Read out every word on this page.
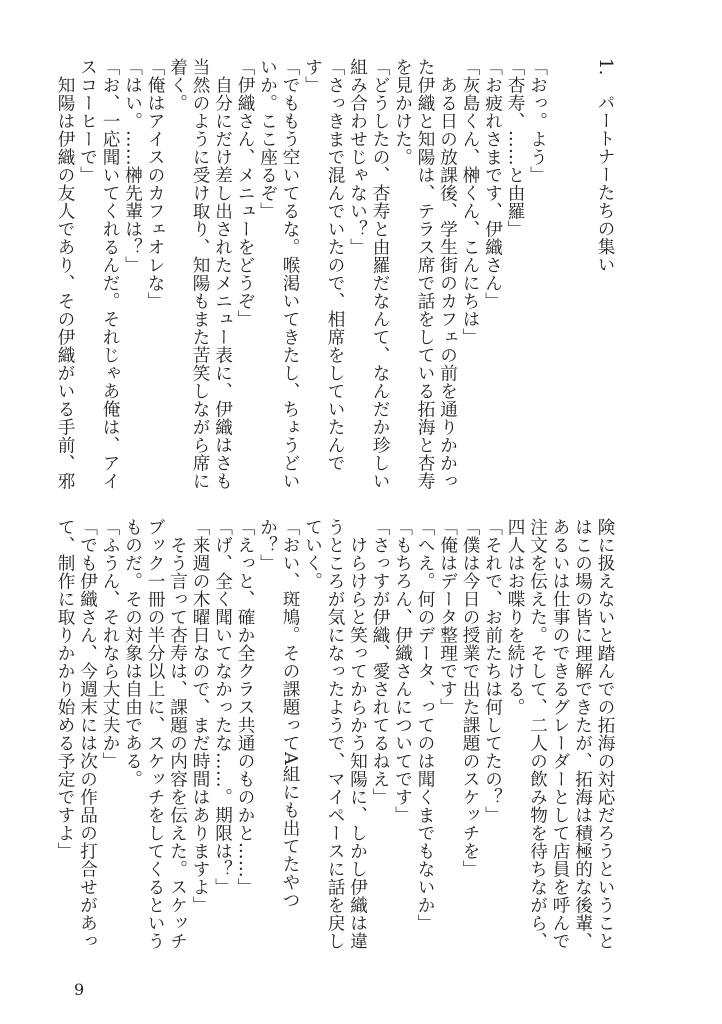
1.　パートナーたちの集い
「おっ。よう」
「杏寿、……と由羅」
「お疲れさまです、伊織さん」
「灰島くん、榊くん、こんにちは」
　ある日の放課後、学生街のカフェの前を通りかかっ
た伊織と知陽は、テラス席で話をしている拓海と杏寿
を見かけた。
「どうしたの、杏寿と由羅だなんて、なんだか珍しい
組み合わせじゃない？」
「さっきまで混んでいたので、相席をしていたんで
す」
「でももう空いてるな。喉渇いてきたし、ちょうどい
いか。ここ座るぞ」
「伊織さん、メニューをどうぞ」
　自分にだけ差し出されたメニュー表に、伊織はさも
当然のように受け取り、知陽もまた苦笑しながら席に
着く。
「俺はアイスのカフェオレな」
「はい。……榊先輩は？」
「お、一応聞いてくれるんだ。それじゃあ俺は、アイ
スコーヒーで」
　知陽は伊織の友人であり、その伊織がいる手前、邪
険に扱えないと踏んでの拓海の対応だろうということ
はこの場の皆に理解できたが、拓海は積極的な後輩、
あるいは仕事のできるグレーダーとして店員を呼んで
注文を伝えた。そして、二人の飲み物を待ちながら、
四人はお喋りを続ける。
「それで、お前たちは何してたの？」
「僕は今日の授業で出た課題のスケッチを」
「俺はデータ整理です」
「へえ。何のデータ、ってのは聞くまでもないか」
「もちろん、伊織さんについてです」
「さっすが伊織、愛されてるねえ」
　けらけらと笑ってからかう知陽に、しかし伊織は違
うところが気になったようで、マイペースに話を戻し
ていく。
「おい、斑鳩。その課題ってA組にも出てたやつ
か？」
「えっと、確か全クラス共通のものかと……」
「げ、全く聞いてなかったな……。期限は？」
「来週の木曜日なので、まだ時間はありますよ」
　そう言って杏寿は、課題の内容を伝えた。スケッチ
ブック一冊の半分以上に、スケッチをしてくるという
ものだ。その対象は自由である。
「ふうん、それなら大丈夫か」
「でも伊織さん、今週末には次の作品の打合せがあっ
て、制作に取りかかり始める予定ですよ」
9
